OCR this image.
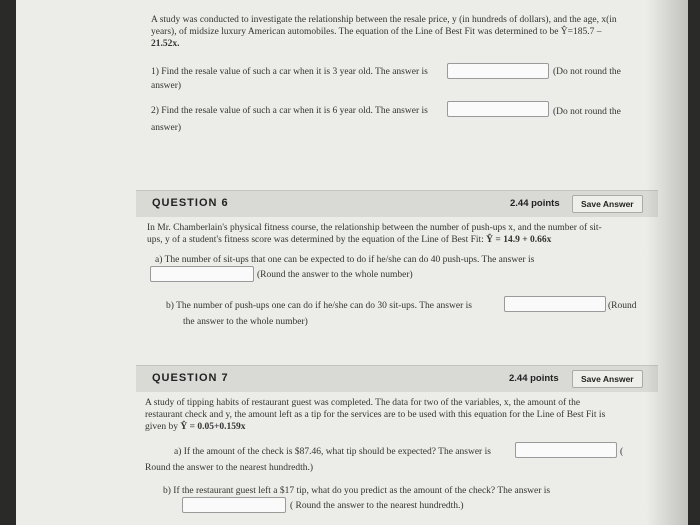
A study was conducted to investigate the relationship between the resale price, y (in hundreds of dollars), and the age, x(in
years), of midsize luxury American automobiles. The equation of the Line of Best Fit was determined to be Ŷ=185.7 –
21.52x.
1) Find the resale value of such a car when it is 3 year old. The answer is	(Do not round the
answer)
2) Find the resale value of such a car when it is 6 year old. The answer is	(Do not round the
answer)
QUESTION 6	2.44 points	Save Answer
In Mr. Chamberlain's physical fitness course, the relationship between the number of push-ups x, and the number of sit-
ups, y of a student's fitness score was determined by the equation of the Line of Best Fit: Ŷ = 14.9 + 0.66x
a) The number of sit-ups that one can be expected to do if he/she can do 40 push-ups. The answer is
(Round the answer to the whole number)
b) The number of push-ups one can do if he/she can do 30 sit-ups. The answer is	(Round
the answer to the whole number)
QUESTION 7	2.44 points	Save Answer
A study of tipping habits of restaurant guest was completed. The data for two of the variables, x, the amount of the
restaurant check and y, the amount left as a tip for the services are to be used with this equation for the Line of Best Fit is
given by Ŷ = 0.05+0.159x
a) If the amount of the check is $87.46, what tip should be expected? The answer is	(
Round the answer to the nearest hundredth.)
b) If the restaurant guest left a $17 tip, what do you predict as the amount of the check? The answer is
( Round the answer to the nearest hundredth.)
